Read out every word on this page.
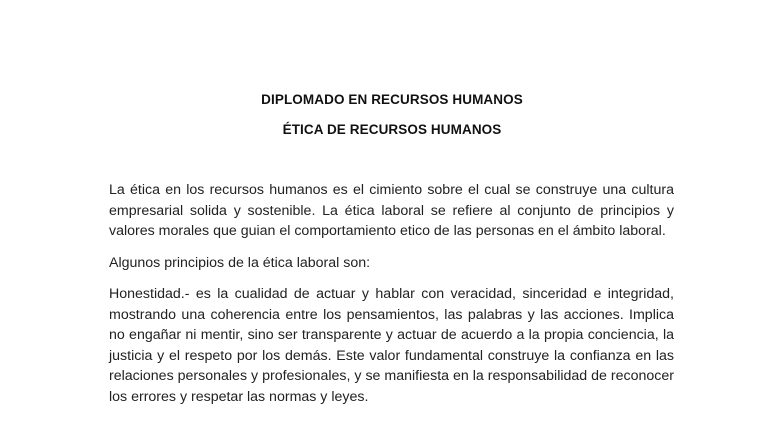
DIPLOMADO EN RECURSOS HUMANOS
ÉTICA DE RECURSOS HUMANOS

La ética en los recursos humanos es el cimiento sobre el cual se construye una cultura empresarial solida y sostenible. La ética laboral se refiere al conjunto de principios y valores morales que guian el comportamiento etico de las personas en el ámbito laboral.

Algunos principios de la ética laboral son:

Honestidad.- es la cualidad de actuar y hablar con veracidad, sinceridad e integridad, mostrando una coherencia entre los pensamientos, las palabras y las acciones. Implica no engañar ni mentir, sino ser transparente y actuar de acuerdo a la propia conciencia, la justicia y el respeto por los demás. Este valor fundamental construye la confianza en las relaciones personales y profesionales, y se manifiesta en la responsabilidad de reconocer los errores y respetar las normas y leyes.
